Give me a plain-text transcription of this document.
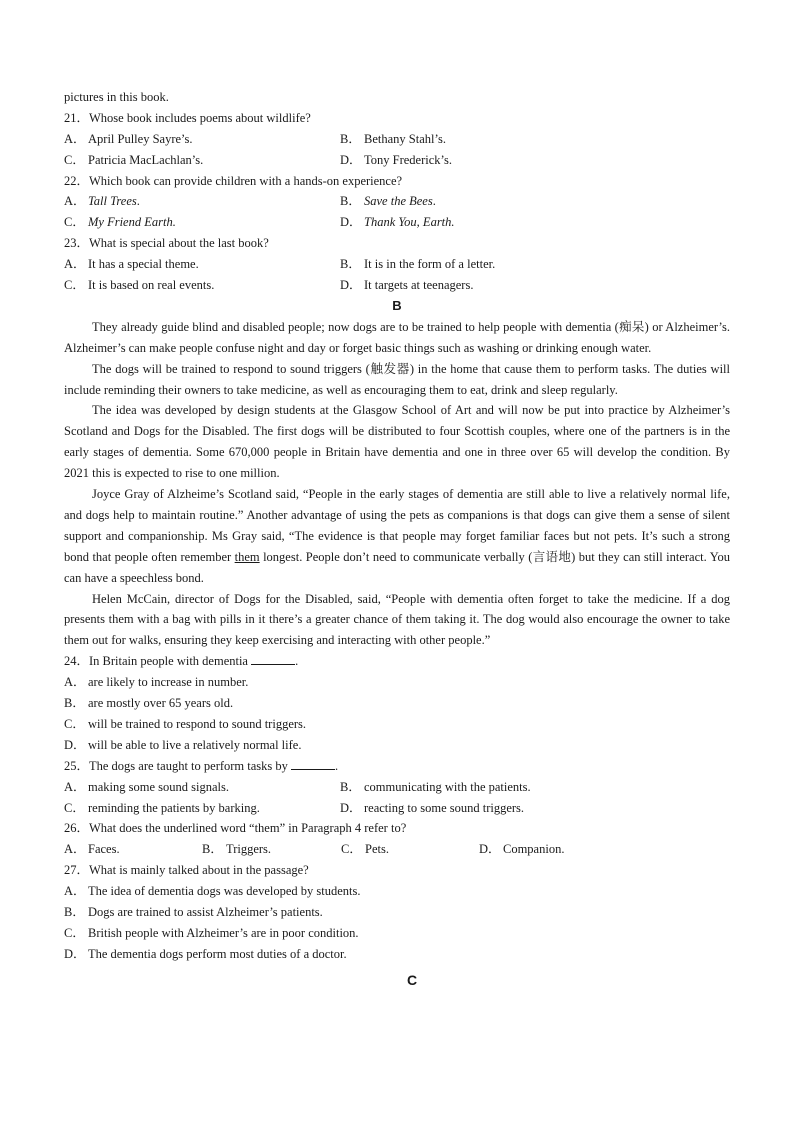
pictures in this book.
21．Whose book includes poems about wildlife?
A． April Pulley Sayre’s.	B． Bethany Stahl’s.
C． Patricia MacLachlan’s.	D． Tony Frederick’s.
22．Which book can provide children with a hands-on experience?
A． Tall Trees.	B． Save the Bees.
C． My Friend Earth.	D． Thank You, Earth.
23．What is special about the last book?
A． It has a special theme.	B． It is in the form of a letter.
C． It is based on real events.	D． It targets at teenagers.
B

They already guide blind and disabled people; now dogs are to be trained to help people with dementia (痴呆) or Alzheimer’s. Alzheimer’s can make people confuse night and day or forget basic things such as washing or drinking enough water.

The dogs will be trained to respond to sound triggers (触发器) in the home that cause them to perform tasks. The duties will include reminding their owners to take medicine, as well as encouraging them to eat, drink and sleep regularly.

The idea was developed by design students at the Glasgow School of Art and will now be put into practice by Alzheimer’s Scotland and Dogs for the Disabled. The first dogs will be distributed to four Scottish couples, where one of the partners is in the early stages of dementia. Some 670,000 people in Britain have dementia and one in three over 65 will develop the condition. By 2021 this is expected to rise to one million.

Joyce Gray of Alzheime’s Scotland said, “People in the early stages of dementia are still able to live a relatively normal life, and dogs help to maintain routine.” Another advantage of using the pets as companions is that dogs can give them a sense of silent support and companionship. Ms Gray said, “The evidence is that people may forget familiar faces but not pets. It’s such a strong bond that people often remember them longest. People don’t need to communicate verbally (言语地) but they can still interact. You can have a speechless bond.

Helen McCain, director of Dogs for the Disabled, said, “People with dementia often forget to take the medicine. If a dog presents them with a bag with pills in it there’s a greater chance of them taking it. The dog would also encourage the owner to take them out for walks, ensuring they keep exercising and interacting with other people.”

24．In Britain people with dementia	.
A． are likely to increase in number.
B． are mostly over 65 years old.
C． will be trained to respond to sound triggers.
D． will be able to live a relatively normal life.
25．The dogs are taught to perform tasks by	.
A． making some sound signals.	B． communicating with the patients.
C． reminding the patients by barking.	D． reacting to some sound triggers.
26．What does the underlined word “them” in Paragraph 4 refer to?
A． Faces.	B． Triggers.	C． Pets.	D． Companion.
27．What is mainly talked about in the passage?
A． The idea of dementia dogs was developed by students.
B． Dogs are trained to assist Alzheimer’s patients.
C． British people with Alzheimer’s are in poor condition.
D． The dementia dogs perform most duties of a doctor.
C
